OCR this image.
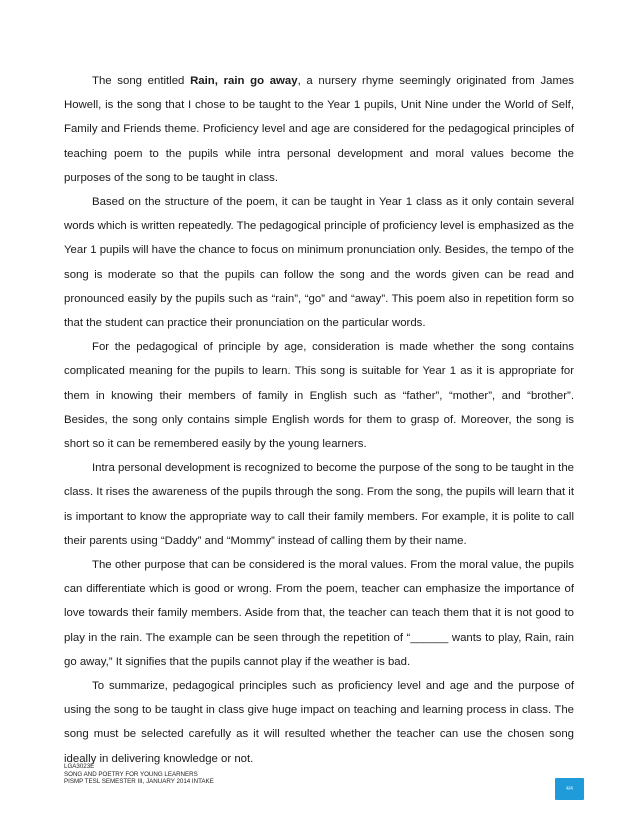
The song entitled Rain, rain go away, a nursery rhyme seemingly originated from James Howell, is the song that I chose to be taught to the Year 1 pupils, Unit Nine under the World of Self, Family and Friends theme. Proficiency level and age are considered for the pedagogical principles of teaching poem to the pupils while intra personal development and moral values become the purposes of the song to be taught in class.

Based on the structure of the poem, it can be taught in Year 1 class as it only contain several words which is written repeatedly. The pedagogical principle of proficiency level is emphasized as the Year 1 pupils will have the chance to focus on minimum pronunciation only. Besides, the tempo of the song is moderate so that the pupils can follow the song and the words given can be read and pronounced easily by the pupils such as “rain”, “go” and “away”. This poem also in repetition form so that the student can practice their pronunciation on the particular words.

For the pedagogical of principle by age, consideration is made whether the song contains complicated meaning for the pupils to learn. This song is suitable for Year 1 as it is appropriate for them in knowing their members of family in English such as “father”, “mother”, and “brother”. Besides, the song only contains simple English words for them to grasp of. Moreover, the song is short so it can be remembered easily by the young learners.

Intra personal development is recognized to become the purpose of the song to be taught in the class. It rises the awareness of the pupils through the song. From the song, the pupils will learn that it is important to know the appropriate way to call their family members. For example, it is polite to call their parents using “Daddy” and “Mommy” instead of calling them by their name.

The other purpose that can be considered is the moral values. From the moral value, the pupils can differentiate which is good or wrong. From the poem, teacher can emphasize the importance of love towards their family members. Aside from that, the teacher can teach them that it is not good to play in the rain. The example can be seen through the repetition of “______ wants to play, Rain, rain go away,” It signifies that the pupils cannot play if the weather is bad.

To summarize, pedagogical principles such as proficiency level and age and the purpose of using the song to be taught in class give huge impact on teaching and learning process in class. The song must be selected carefully as it will resulted whether the teacher can use the chosen song ideally in delivering knowledge or not.

LGA3023E
SONG AND POETRY FOR YOUNG LEARNERS
PISMP TESL SEMESTER III, JANUARY 2014 INTAKE
4/4
